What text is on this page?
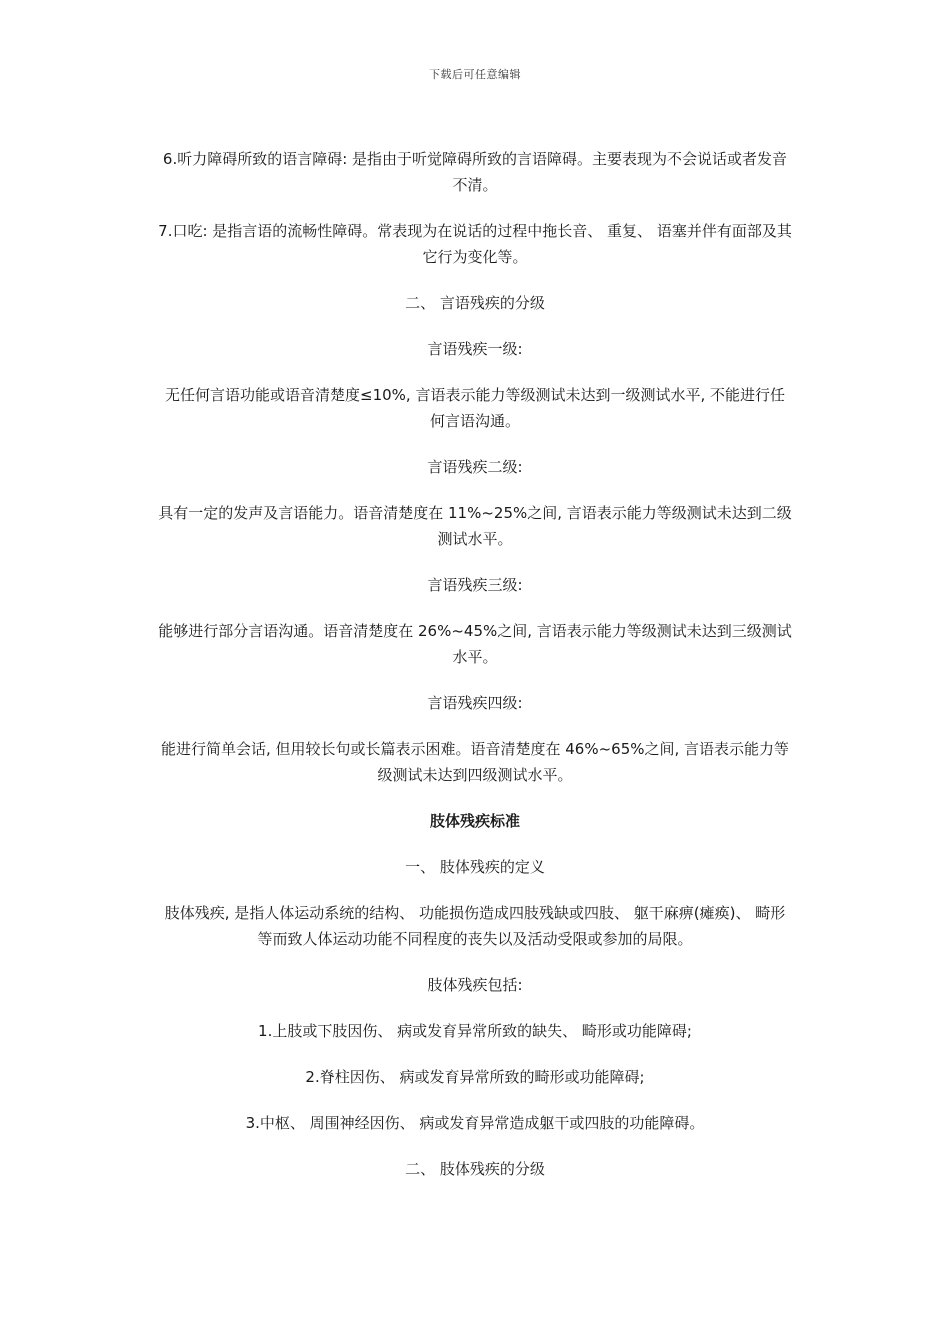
下载后可任意编辑

6.听力障碍所致的语言障碍: 是指由于听觉障碍所致的言语障碍。主要表现为不会说话或者发音不清。

7.口吃: 是指言语的流畅性障碍。常表现为在说话的过程中拖长音、 重复、 语塞并伴有面部及其它行为变化等。

二、 言语残疾的分级

言语残疾一级:

无任何言语功能或语音清楚度≤10%, 言语表示能力等级测试未达到一级测试水平, 不能进行任何言语沟通。

言语残疾二级:

具有一定的发声及言语能力。语音清楚度在 11%~25%之间, 言语表示能力等级测试未达到二级测试水平。

言语残疾三级:

能够进行部分言语沟通。语音清楚度在 26%~45%之间, 言语表示能力等级测试未达到三级测试水平。

言语残疾四级:

能进行简单会话, 但用较长句或长篇表示困难。语音清楚度在 46%~65%之间, 言语表示能力等级测试未达到四级测试水平。

肢体残疾标准

一、 肢体残疾的定义

肢体残疾, 是指人体运动系统的结构、 功能损伤造成四肢残缺或四肢、 躯干麻痹(瘫痪)、 畸形等而致人体运动功能不同程度的丧失以及活动受限或参加的局限。

肢体残疾包括:

1.上肢或下肢因伤、 病或发育异常所致的缺失、 畸形或功能障碍;

2.脊柱因伤、 病或发育异常所致的畸形或功能障碍;

3.中枢、 周围神经因伤、 病或发育异常造成躯干或四肢的功能障碍。

二、 肢体残疾的分级
